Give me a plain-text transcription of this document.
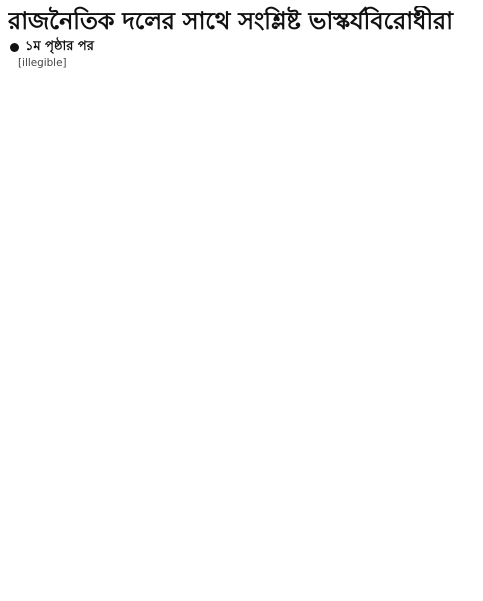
রাজনৈতিক দলের সাথে সংশ্লিষ্ট ভাস্কর্যবিরোধীরা
১ম পৃষ্ঠার পর

[illegible]
